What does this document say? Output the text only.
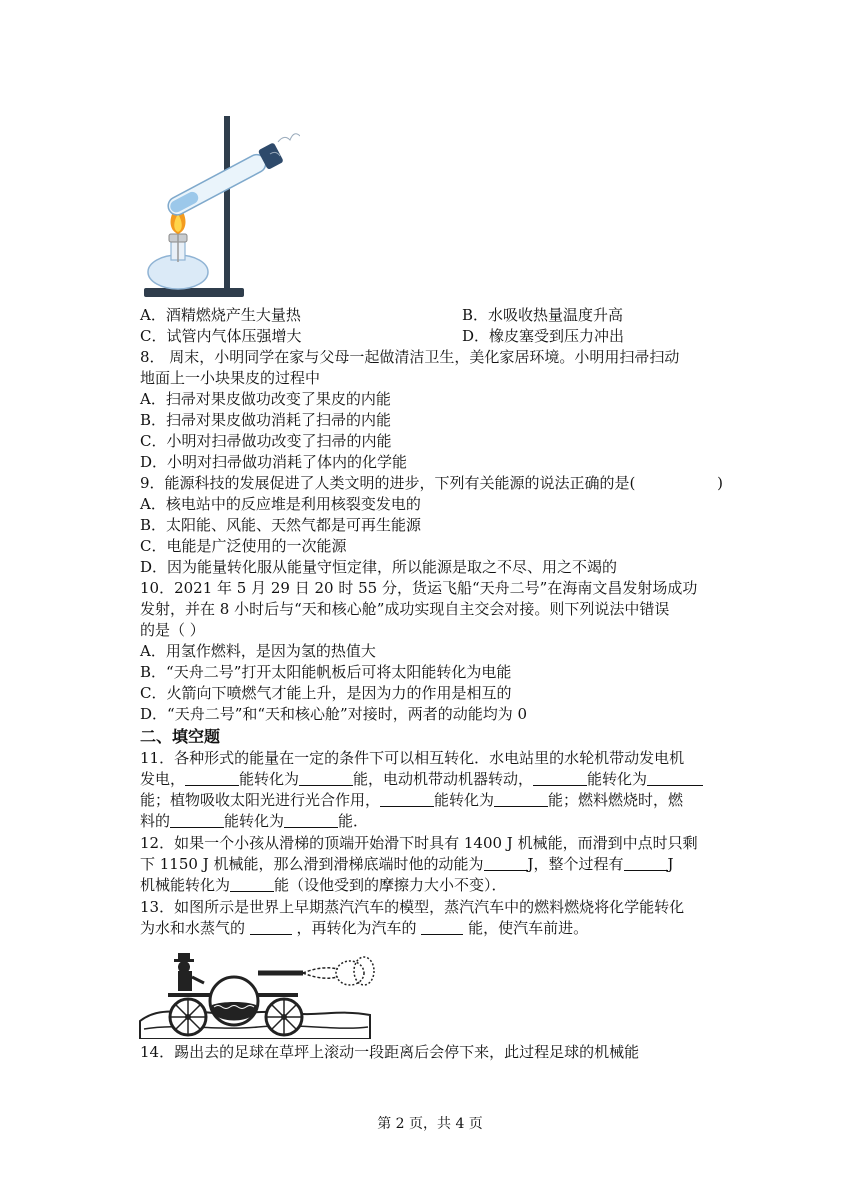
A．酒精燃烧产生大量热	B．水吸收热量温度升高
C．试管内气体压强增大	D．橡皮塞受到压力冲出
8． 周末，小明同学在家与父母一起做清洁卫生，美化家居环境。小明用扫帚扫动
地面上一小块果皮的过程中
A．扫帚对果皮做功改变了果皮的内能
B．扫帚对果皮做功消耗了扫帚的内能
C．小明对扫帚做功改变了扫帚的内能
D．小明对扫帚做功消耗了体内的化学能
9．能源科技的发展促进了人类文明的进步，下列有关能源的说法正确的是(	)
A．核电站中的反应堆是利用核裂变发电的
B．太阳能、风能、天然气都是可再生能源
C．电能是广泛使用的一次能源
D．因为能量转化服从能量守恒定律，所以能源是取之不尽、用之不竭的
10．2021 年 5 月 29 日 20 时 55 分，货运飞船“天舟二号”在海南文昌发射场成功
发射，并在 8 小时后与“天和核心舱”成功实现自主交会对接。则下列说法中错误
的是（ ）
A．用氢作燃料，是因为氢的热值大
B．“天舟二号”打开太阳能帆板后可将太阳能转化为电能
C．火箭向下喷燃气才能上升，是因为力的作用是相互的
D．“天舟二号”和“天和核心舱”对接时，两者的动能均为 0
二、填空题
11．各种形式的能量在一定的条件下可以相互转化．水电站里的水轮机带动发电机
发电，	能转化为	能，电动机带动机器转动，	能转化为
能；植物吸收太阳光进行光合作用，	能转化为	能；燃料燃烧时，燃
料的	能转化为	能．
12．如果一个小孩从滑梯的顶端开始滑下时具有 1400 J 机械能，而滑到中点时只剩
下 1150 J 机械能，那么滑到滑梯底端时他的动能为	J，整个过程有	J
机械能转化为	能（设他受到的摩擦力大小不变）．
13．如图所示是世界上早期蒸汽汽车的模型，蒸汽汽车中的燃料燃烧将化学能转化
为水和水蒸气的	，再转化为汽车的	能，使汽车前进。
14．踢出去的足球在草坪上滚动一段距离后会停下来，此过程足球的机械能
第 2 页，共 4 页
